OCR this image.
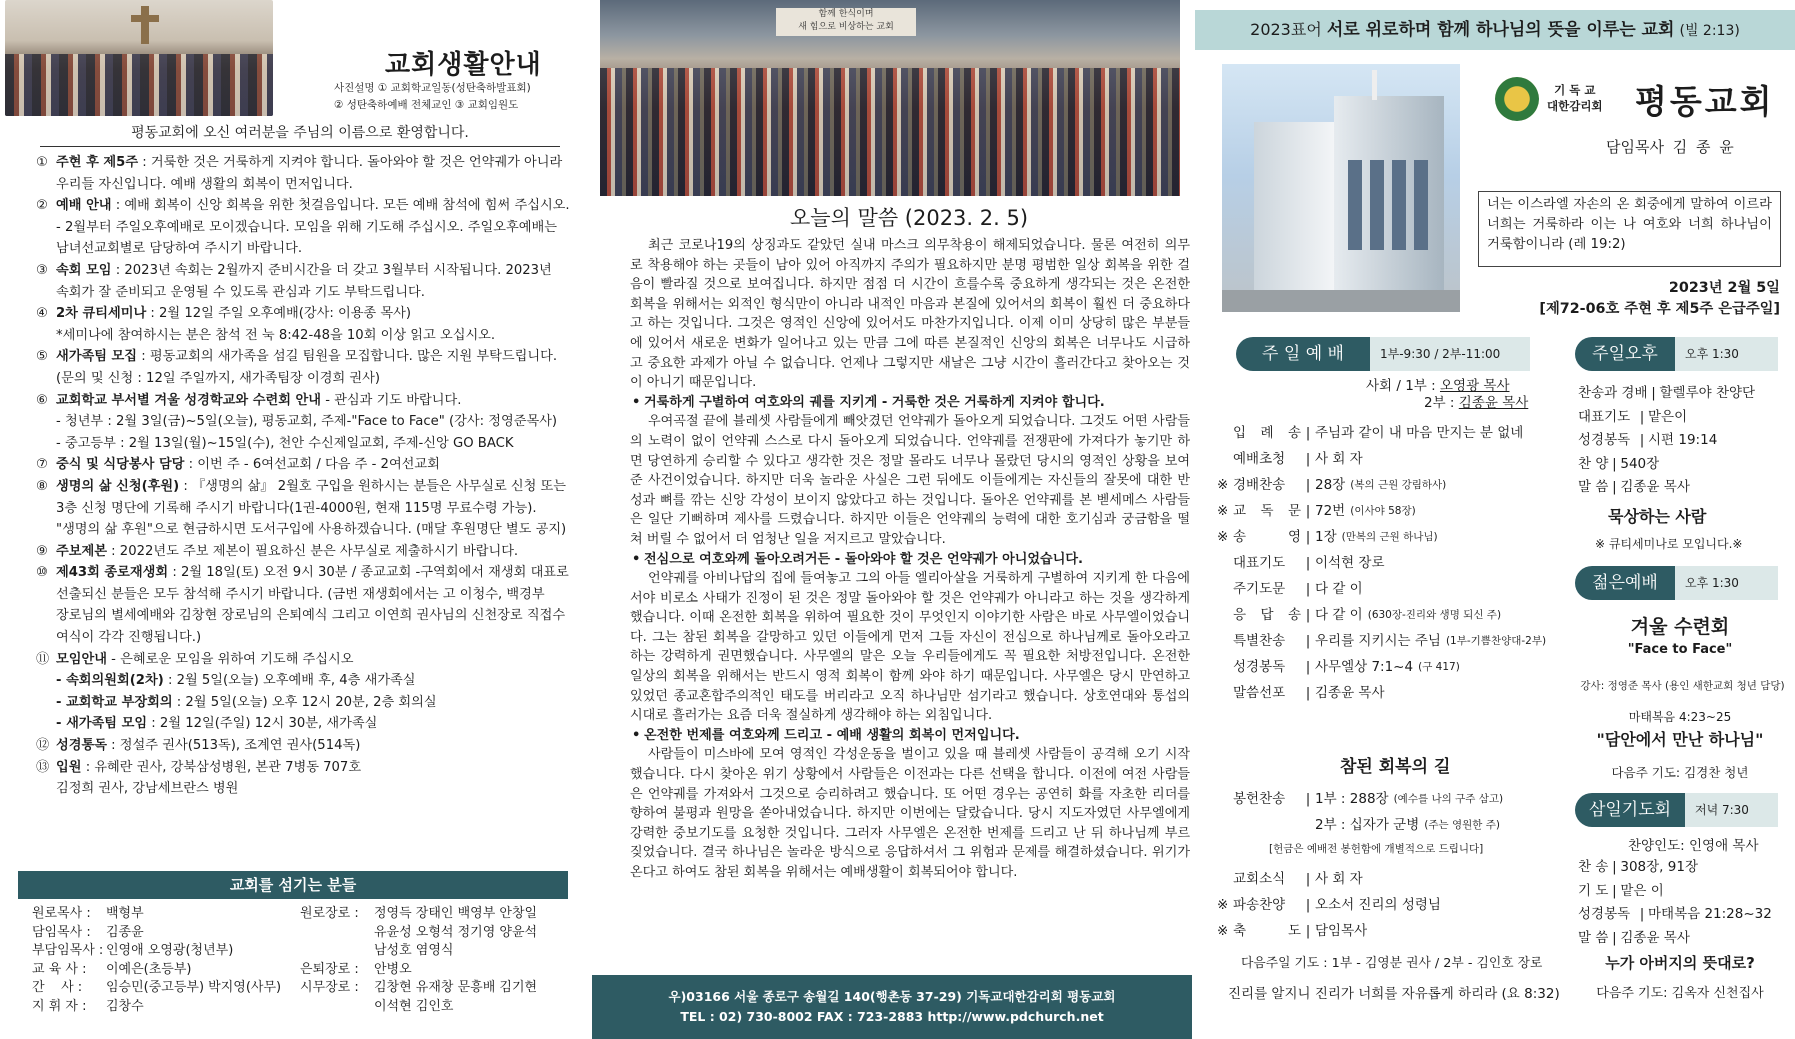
교회생활안내
사진설명 ① 교회학교일동(성탄축하발표회)
② 성탄축하예배 전체교인 ③ 교회임원도
평동교회에 오신 여러분을 주님의 이름으로 환영합니다.
① 주현 후 제5주 : 거룩한 것은 거룩하게 지켜야 합니다. 돌아와야 할 것은 언약궤가 아니라
우리들 자신입니다. 예배 생활의 회복이 먼저입니다.
② 예배 안내 : 예배 회복이 신앙 회복을 위한 첫걸음입니다. 모든 예배 참석에 힘써 주십시오.
- 2월부터 주일오후예배로 모이겠습니다. 모임을 위해 기도해 주십시오. 주일오후예배는
남녀선교회별로 담당하여 주시기 바랍니다.
③ 속회 모임 : 2023년 속회는 2월까지 준비시간을 더 갖고 3월부터 시작됩니다. 2023년
속회가 잘 준비되고 운영될 수 있도록 관심과 기도 부탁드립니다.
④ 2차 큐티세미나 : 2월 12일 주일 오후예배(강사: 이용종 목사)
*세미나에 참여하시는 분은 참석 전 눅 8:42-48을 10회 이상 읽고 오십시오.
⑤ 새가족팀 모집 : 평동교회의 새가족을 섬길 팀원을 모집합니다. 많은 지원 부탁드립니다.
(문의 및 신청 : 12일 주일까지, 새가족팀장 이경희 권사)
⑥ 교회학교 부서별 겨울 성경학교와 수련회 안내 - 관심과 기도 바랍니다.
- 청년부 : 2월 3일(금)~5일(오늘), 평동교회, 주제-"Face to Face" (강사: 정영준목사)
- 중고등부 : 2월 13일(월)~15일(수), 천안 수신제일교회, 주제-신앙 GO BACK
⑦ 중식 및 식당봉사 담당 : 이번 주 - 6여선교회 / 다음 주 - 2여선교회
⑧ 생명의 삶 신청(후원) : 『생명의 삶』 2월호 구입을 원하시는 분들은 사무실로 신청 또는
3층 신청 명단에 기록해 주시기 바랍니다(1권-4000원, 현재 115명 무료수령 가능).
"생명의 삶 후원"으로 현금하시면 도서구입에 사용하겠습니다. (매달 후원명단 별도 공지)
⑨ 주보제본 : 2022년도 주보 제본이 필요하신 분은 사무실로 제출하시기 바랍니다.
⑩ 제43회 종로재생회 : 2월 18일(토) 오전 9시 30분 / 종교교회 -구역회에서 재생회 대표로
선출되신 분들은 모두 참석해 주시기 바랍니다. (금번 재생회에서는 고 이청수, 백경부
장로님의 별세예배와 김창현 장로님의 은퇴예식 그리고 이연희 권사님의 신천장로 직접수
여식이 각각 진행됩니다.)
⑪ 모임안내 - 은혜로운 모임을 위하여 기도해 주십시오
- 속회의원회(2차) : 2월 5일(오늘) 오후예배 후, 4층 새가족실
- 교회학교 부장회의 : 2월 5일(오늘) 오후 12시 20분, 2층 회의실
- 새가족팀 모임 : 2월 12일(주일) 12시 30분, 새가족실
⑫ 성경통독 : 정설주 권사(513독), 조계연 권사(514독)
⑬ 입원 : 유혜란 권사, 강북삼성병원, 본관 7병동 707호
김정희 권사, 강남세브란스 병원
교회를 섬기는 분들
원로목사 :	백형부
담임목사 :	김종윤
부담임목사 : 인영애 오영광(청년부)
교 육 사 :	이예은(초등부)
간    사 :	임승민(중고등부) 박지영(사무)
지 휘 자 :	김창수
원로장로 :	정영득 장태인 백영부 안창일
유윤성 오형석 정기영 양윤석
남성호 염영식
은퇴장로 :	안병오
시무장로 :	김창현 유재창 문흥배 김기현
이석현 김인호
함께 한식이며
새 힘으로 비상하는 교회
오늘의 말씀 (2023. 2. 5)

최근 코로나19의 상징과도 같았던 실내 마스크 의무착용이 해제되었습니다. 물론 여전히 의무로 착용해야 하는 곳들이 남아 있어 아직까지 주의가 필요하지만 분명 평범한 일상 회복을 위한 걸음이 빨라질 것으로 보여집니다. 하지만 점점 더 시간이 흐를수록 중요하게 생각되는 것은 온전한 회복을 위해서는 외적인 형식만이 아니라 내적인 마음과 본질에 있어서의 회복이 훨씬 더 중요하다고 하는 것입니다. 그것은 영적인 신앙에 있어서도 마찬가지입니다. 이제 이미 상당히 많은 부분들에 있어서 새로운 변화가 일어나고 있는 만큼 그에 따른 본질적인 신앙의 회복은 너무나도 시급하고 중요한 과제가 아닐 수 없습니다. 언제나 그렇지만 새날은 그냥 시간이 흘러간다고 찾아오는 것이 아니기 때문입니다.

• 거룩하게 구별하여 여호와의 궤를 지키게 - 거룩한 것은 거룩하게 지켜야 합니다.

우여곡절 끝에 블레셋 사람들에게 빼앗겼던 언약궤가 돌아오게 되었습니다. 그것도 어떤 사람들의 노력이 없이 언약궤 스스로 다시 돌아오게 되었습니다. 언약궤를 전쟁판에 가져다가 놓기만 하면 당연하게 승리할 수 있다고 생각한 것은 정말 몰라도 너무나 몰랐던 당시의 영적인 상황을 보여준 사건이었습니다. 하지만 더욱 놀라운 사실은 그런 뒤에도 이들에게는 자신들의 잘못에 대한 반성과 뼈를 깎는 신앙 각성이 보이지 않았다고 하는 것입니다. 돌아온 언약궤를 본 벧세메스 사람들은 일단 기뻐하며 제사를 드렸습니다. 하지만 이들은 언약궤의 능력에 대한 호기심과 궁금함을 떨쳐 버릴 수 없어서 더 엄청난 일을 저지르고 말았습니다.

• 전심으로 여호와께 돌아오려거든 - 돌아와야 할 것은 언약궤가 아니었습니다.

언약궤를 아비나답의 집에 들여놓고 그의 아들 엘리아살을 거룩하게 구별하여 지키게 한 다음에서야 비로소 사태가 진정이 된 것은 정말 돌아와야 할 것은 언약궤가 아니라고 하는 것을 생각하게 했습니다. 이때 온전한 회복을 위하여 필요한 것이 무엇인지 이야기한 사람은 바로 사무엘이었습니다. 그는 참된 회복을 갈망하고 있던 이들에게 먼저 그들 자신이 전심으로 하나님께로 돌아오라고 하는 강력하게 권면했습니다. 사무엘의 말은 오늘 우리들에게도 꼭 필요한 처방전입니다. 온전한 일상의 회복을 위해서는 반드시 영적 회복이 함께 와야 하기 때문입니다. 사무엘은 당시 만연하고 있었던 종교혼합주의적인 태도를 버리라고 오직 하나님만 섬기라고 했습니다. 상호연대와 통섭의 시대로 흘러가는 요즘 더욱 절실하게 생각해야 하는 외침입니다.

• 온전한 번제를 여호와께 드리고 - 예배 생활의 회복이 먼저입니다.

사람들이 미스바에 모여 영적인 각성운동을 벌이고 있을 때 블레셋 사람들이 공격해 오기 시작했습니다. 다시 찾아온 위기 상황에서 사람들은 이전과는 다른 선택을 합니다. 이전에 여전 사람들은 언약궤를 가져와서 그것으로 승리하려고 했습니다. 또 어떤 경우는 공연히 화를 자초한 리더를 향하여 불평과 원망을 쏟아내었습니다. 하지만 이번에는 달랐습니다. 당시 지도자였던 사무엘에게 강력한 중보기도를 요청한 것입니다. 그러자 사무엘은 온전한 번제를 드리고 난 뒤 하나님께 부르짖었습니다. 결국 하나님은 놀라운 방식으로 응답하셔서 그 위험과 문제를 해결하셨습니다. 위기가 온다고 하여도 참된 회복을 위해서는 예배생활이 회복되어야 합니다.

우)03166 서울 종로구 송월길 140(행촌동 37-29) 기독교대한감리회 평동교회
TEL : 02) 730-8002 FAX : 723-2883 http://www.pdchurch.net
2023표어 서로 위로하며 함께 하나님의 뜻을 이루는 교회 (빌 2:13)
기 독 교
대한감리회 평동교회
담임목사 김 종 윤
너는 이스라엘 자손의 온 회중에게 말하여 이르라 너희는 거룩하라 이는 나 여호와 너희 하나님이 거룩함이니라 (레 19:2)
2023년 2월 5일
[제72-06호 주현 후 제5주 은급주일]
주 일 예 배	1부-9:30 / 2부-11:00
사회 / 1부 :
오영광 목사
2부 :
김종윤 목사
입 례 송 | 주님과 같이 내 마음 만지는 분 없네
예배초청	| 사 회 자
※ 경배찬송	| 28장 (복의 근원 강림하사)
※ 교 독 문 | 72번 (이사야 58장)
※ 송 영 | 1장 (만복의 근원 하나님)
대표기도	| 이석현 장로
주기도문	| 다 같 이
응 답 송 | 다 같 이 (630장-진리와 생명 되신 주)
특별찬송	| 우리를 지키시는 주님 (1부-기쁨찬양대-2부)
성경봉독	| 사무엘상 7:1~4 (구 417)
말씀선포	| 김종윤 목사
참된 회복의 길
봉헌찬송	| 1부 : 288장 (예수를 나의 구주 삼고)
2부 : 십자가 군병 (주는 영원한 주)
[헌금은 예배전 봉헌함에 개별적으로 드립니다]
교회소식	| 사 회 자
※ 파송찬양	| 오소서 진리의 성령님
※ 축 도 | 담임목사
다음주일 기도 : 1부 - 김영분 권사 / 2부 - 김인호 장로
진리를 알지니 진리가 너희를 자유롭게 하리라 (요 8:32)
주일오후	오후 1:30
찬송과 경배 | 할렐루야 찬양단
대표기도 | 맡은이
성경봉독 | 시편 19:14
찬 양 | 540장
말 씀 | 김종윤 목사
묵상하는 사람
※ 큐티세미나로 모입니다.※
젊은예배	오후 1:30
겨울 수련회
"Face to Face"
강사: 정영준 목사 (용인 새한교회 청년 담당)
마태복음 4:23~25
"담안에서 만난 하나님"
다음주 기도: 김경찬 청년
삼일기도회	저녁 7:30
찬양인도: 인영애 목사
찬 송 | 308장, 91장
기 도 | 맡은 이
성경봉독 | 마태복음 21:28~32
말 씀 | 김종윤 목사
누가 아버지의 뜻대로?
다음주 기도: 김옥자 신천집사
